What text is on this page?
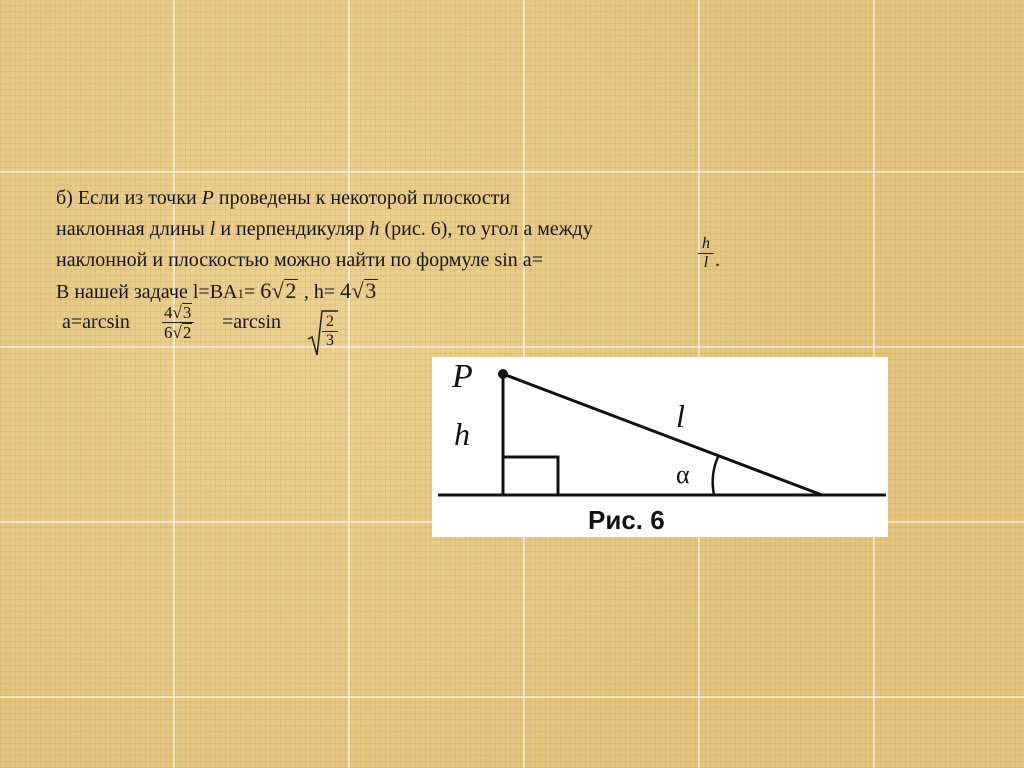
б) Если из точки P проведены к некоторой плоскости
наклонная длины l и перпендикуляр h (рис. 6), то угол а между
наклонной и плоскостью можно найти по формуле sin a=
h
l .
В нашей задаче l=BA1= 6√2 , h= 4√3
a=arcsin 4√3
6√2 =arcsin	2
3
P
h	l
α
Рис. 6
